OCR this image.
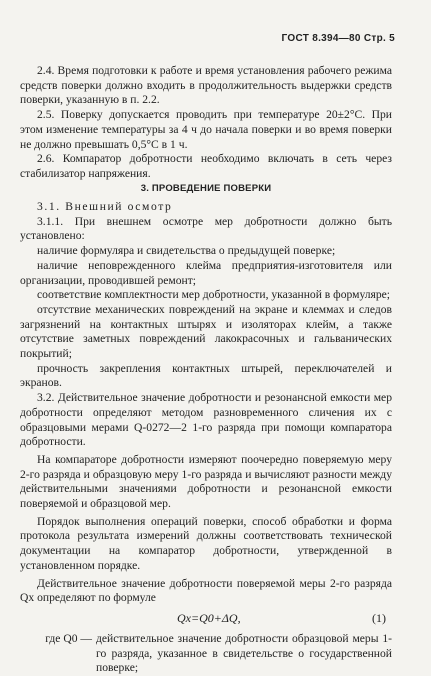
ГОСТ 8.394—80 Стр. 5

2.4. Время подготовки к работе и время установления рабочего режима средств поверки должно входить в продолжительность выдержки средств поверки, указанную в п. 2.2.

2.5. Поверку допускается проводить при температуре 20±2°С. При этом изменение температуры за 4 ч до начала поверки и во время поверки не должно превышать 0,5°С в 1 ч.

2.6. Компаратор добротности необходимо включать в сеть через стабилизатор напряжения.

3. ПРОВЕДЕНИЕ ПОВЕРКИ

3.1. Внешний осмотр

3.1.1. При внешнем осмотре мер добротности должно быть установлено:

наличие формуляра и свидетельства о предыдущей поверке;

наличие неповрежденного клейма предприятия-изготовителя или организации, проводившей ремонт;

соответствие комплектности мер добротности, указанной в формуляре;

отсутствие механических повреждений на экране и клеммах и следов загрязнений на контактных штырях и изоляторах клейм, а также отсутствие заметных повреждений лакокрасочных и гальванических покрытий;

прочность закрепления контактных штырей, переключателей и экранов.

3.2. Действительное значение добротности и резонансной емкости мер добротности определяют методом разновременного сличения их с образцовыми мерами Q-0272—2 1-го разряда при помощи компаратора добротности.

На компараторе добротности измеряют поочередно поверяемую меру 2-го разряда и образцовую меру 1-го разряда и вычисляют разности между действительными значениями добротности и резонансной емкости поверяемой и образцовой мер.

Порядок выполнения операций поверки, способ обработки и форма протокола результата измерений должны соответствовать технической документации на компаратор добротности, утвержденной в установленном порядке.

Действительное значение добротности поверяемой меры 2-го разряда Qx определяют по формуле

Qx=Q0+ΔQ,	(1)
где Q0 — действительное значение добротности образцовой меры 1-го разряда, указанное в свидетельстве о государственной поверке;
